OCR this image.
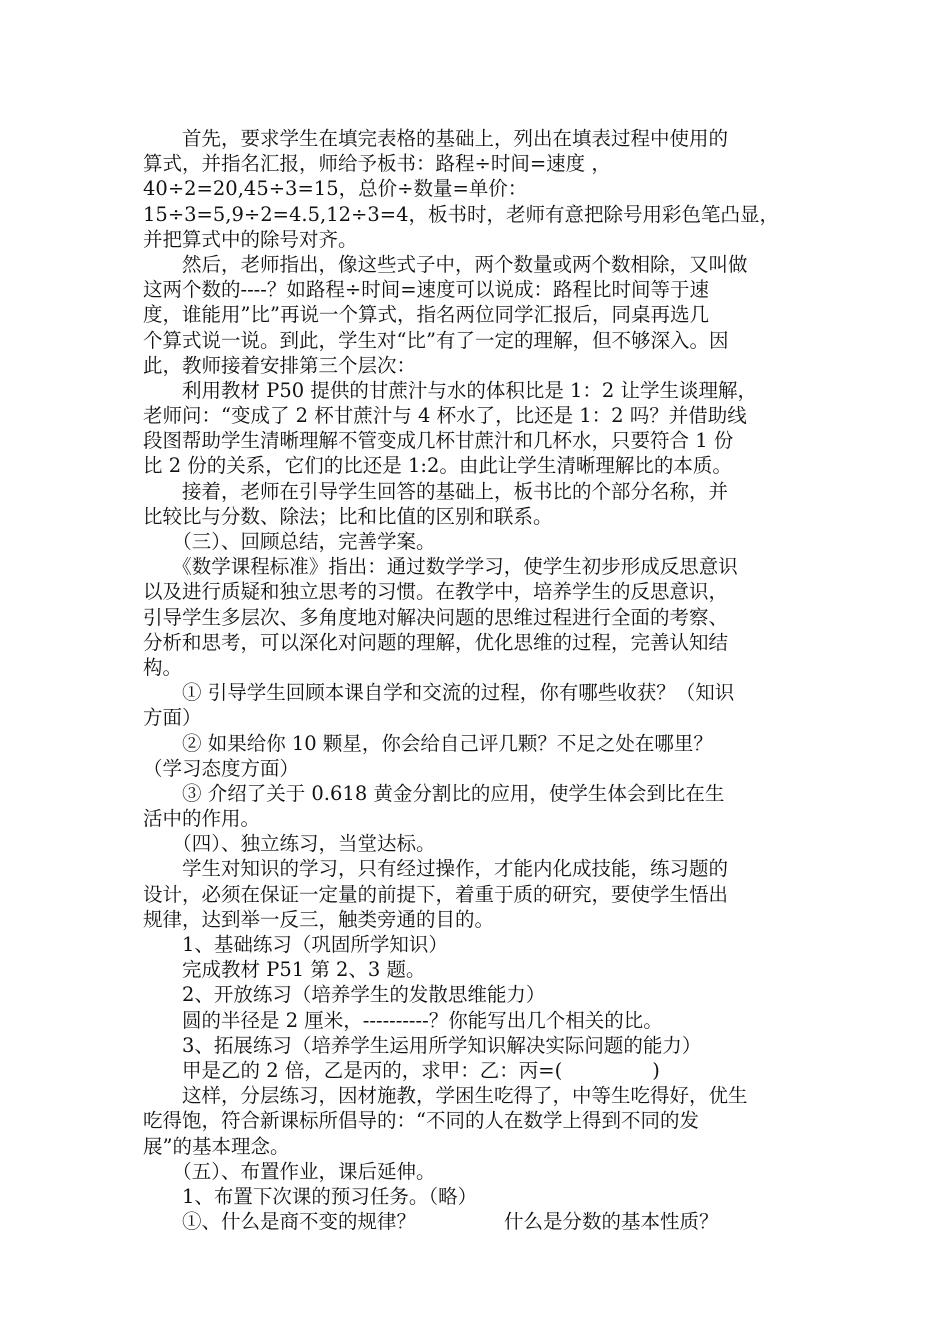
　　首先，要求学生在填完表格的基础上，列出在填表过程中使用的
算式，并指名汇报，师给予板书：路程÷时间=速度 ，
40÷2=20,45÷3=15，总价÷数量=单价：
15÷3=5,9÷2=4.5,12÷3=4，板书时，老师有意把除号用彩色笔凸显，
并把算式中的除号对齐。
　　然后，老师指出，像这些式子中，两个数量或两个数相除，又叫做
这两个数的----？如路程÷时间=速度可以说成：路程比时间等于速
度，谁能用”比”再说一个算式，指名两位同学汇报后，同桌再选几
个算式说一说。到此，学生对“比”有了一定的理解，但不够深入。因
此，教师接着安排第三个层次：
　　利用教材 P50 提供的甘蔗汁与水的体积比是 1：2 让学生谈理解，
老师问：“变成了 2 杯甘蔗汁与 4 杯水了，比还是 1：2 吗？并借助线
段图帮助学生清晰理解不管变成几杯甘蔗汁和几杯水，只要符合 1 份
比 2 份的关系，它们的比还是 1:2。由此让学生清晰理解比的本质。
　　接着，老师在引导学生回答的基础上，板书比的个部分名称，并
比较比与分数、除法；比和比值的区别和联系。
　　（三）、回顾总结，完善学案。
　　《数学课程标准》指出：通过数学学习，使学生初步形成反思意识
以及进行质疑和独立思考的习惯。在教学中，培养学生的反思意识，
引导学生多层次、多角度地对解决问题的思维过程进行全面的考察、
分析和思考，可以深化对问题的理解，优化思维的过程，完善认知结
构。
　　① 引导学生回顾本课自学和交流的过程，你有哪些收获？（知识
方面）
　　② 如果给你 10 颗星，你会给自己评几颗？不足之处在哪里？
（学习态度方面）
　　③ 介绍了关于 0.618 黄金分割比的应用，使学生体会到比在生
活中的作用。
　　（四）、独立练习，当堂达标。
　　学生对知识的学习，只有经过操作，才能内化成技能，练习题的
设计，必须在保证一定量的前提下，着重于质的研究，要使学生悟出
规律，达到举一反三，触类旁通的目的。
　　1、基础练习（巩固所学知识）
　　完成教材 P51 第 2、3 题。
　　2、开放练习（培养学生的发散思维能力）
　　圆的半径是 2 厘米，----------？你能写出几个相关的比。
　　3、拓展练习（培养学生运用所学知识解决实际问题的能力）
　　甲是乙的 2 倍，乙是丙的，求甲：乙：丙=(	)
　　这样，分层练习，因材施教，学困生吃得了，中等生吃得好，优生
吃得饱，符合新课标所倡导的：“不同的人在数学上得到不同的发
展”的基本理念。
　　（五）、布置作业，课后延伸。
　　1、布置下次课的预习任务。（略）
　　①、什么是商不变的规律？	什么是分数的基本性质？
